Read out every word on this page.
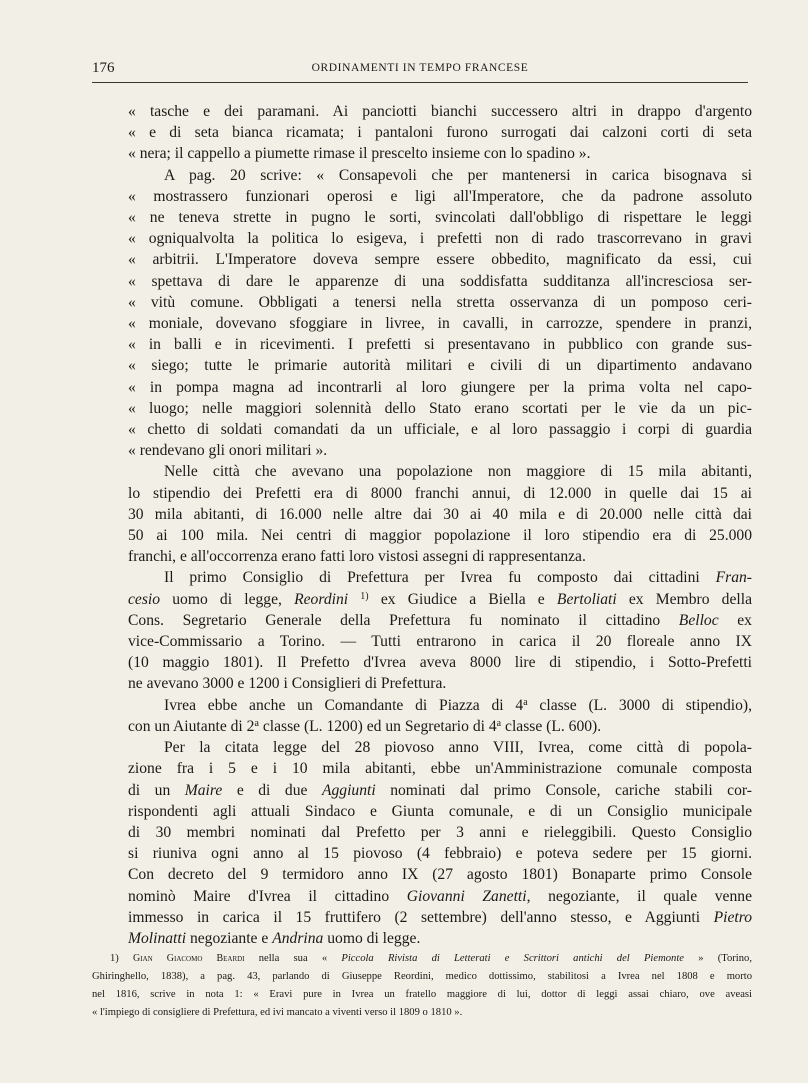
176	ORDINAMENTI IN TEMPO FRANCESE

« tasche e dei paramani. Ai panciotti bianchi successero altri in drappo d'argento
« e di seta bianca ricamata; i pantaloni furono surrogati dai calzoni corti di seta
« nera; il cappello a piumette rimase il prescelto insieme con lo spadino ».

A pag. 20 scrive: « Consapevoli che per mantenersi in carica bisognava si
« mostrassero funzionari operosi e ligi all'Imperatore, che da padrone assoluto
« ne teneva strette in pugno le sorti, svincolati dall'obbligo di rispettare le leggi
« ogniqualvolta la politica lo esigeva, i prefetti non di rado trascorrevano in gravi
« arbitrii. L'Imperatore doveva sempre essere obbedito, magnificato da essi, cui
« spettava di dare le apparenze di una soddisfatta sudditanza all'incresciosa ser-
« vitù comune. Obbligati a tenersi nella stretta osservanza di un pomposo ceri-
« moniale, dovevano sfoggiare in livree, in cavalli, in carrozze, spendere in pranzi,
« in balli e in ricevimenti. I prefetti si presentavano in pubblico con grande sus-
« siego; tutte le primarie autorità militari e civili di un dipartimento andavano
« in pompa magna ad incontrarli al loro giungere per la prima volta nel capo-
« luogo; nelle maggiori solennità dello Stato erano scortati per le vie da un pic-
« chetto di soldati comandati da un ufficiale, e al loro passaggio i corpi di guardia
« rendevano gli onori militari ».

Nelle città che avevano una popolazione non maggiore di 15 mila abitanti,
lo stipendio dei Prefetti era di 8000 franchi annui, di 12.000 in quelle dai 15 ai
30 mila abitanti, di 16.000 nelle altre dai 30 ai 40 mila e di 20.000 nelle città dai
50 ai 100 mila. Nei centri di maggior popolazione il loro stipendio era di 25.000
franchi, e all'occorrenza erano fatti loro vistosi assegni di rappresentanza.

Il primo Consiglio di Prefettura per Ivrea fu composto dai cittadini Fran-
cesio uomo di legge, Reordini $^{1)}$ ex Giudice a Biella e Bertoliati ex Membro della
Cons. Segretario Generale della Prefettura fu nominato il cittadino Belloc ex
vice-Commissario a Torino. — Tutti entrarono in carica il 20 floreale anno IX
(10 maggio 1801). Il Prefetto d'Ivrea aveva 8000 lire di stipendio, i Sotto-Prefetti
ne avevano 3000 e 1200 i Consiglieri di Prefettura.

Ivrea ebbe anche un Comandante di Piazza di 4$^a$ classe (L. 3000 di stipendio),
con un Aiutante di 2$^a$ classe (L. 1200) ed un Segretario di 4$^a$ classe (L. 600).

Per la citata legge del 28 piovoso anno VIII, Ivrea, come città di popola-
zione fra i 5 e i 10 mila abitanti, ebbe un'Amministrazione comunale composta
di un Maire e di due Aggiunti nominati dal primo Console, cariche stabili cor-
rispondenti agli attuali Sindaco e Giunta comunale, e di un Consiglio municipale
di 30 membri nominati dal Prefetto per 3 anni e rieleggibili. Questo Consiglio
si riuniva ogni anno al 15 piovoso (4 febbraio) e poteva sedere per 15 giorni.
Con decreto del 9 termidoro anno IX (27 agosto 1801) Bonaparte primo Console
nominò Maire d'Ivrea il cittadino Giovanni Zanetti, negoziante, il quale venne
immesso in carica il 15 fruttifero (2 settembre) dell'anno stesso, e Aggiunti Pietro
Molinatti negoziante e Andrina uomo di legge.

1) Gian Giacomo Beardi nella sua « Piccola Rivista di Letterati e Scrittori antichi del Piemonte » (Torino,
Ghiringhello, 1838), a pag. 43, parlando di Giuseppe Reordini, medico dottissimo, stabilitosi a Ivrea nel 1808 e morto
nel 1816, scrive in nota 1: « Eravi pure in Ivrea un fratello maggiore di lui, dottor di leggi assai chiaro, ove aveasi
« l'impiego di consigliere di Prefettura, ed ivi mancato a viventi verso il 1809 o 1810 ».
